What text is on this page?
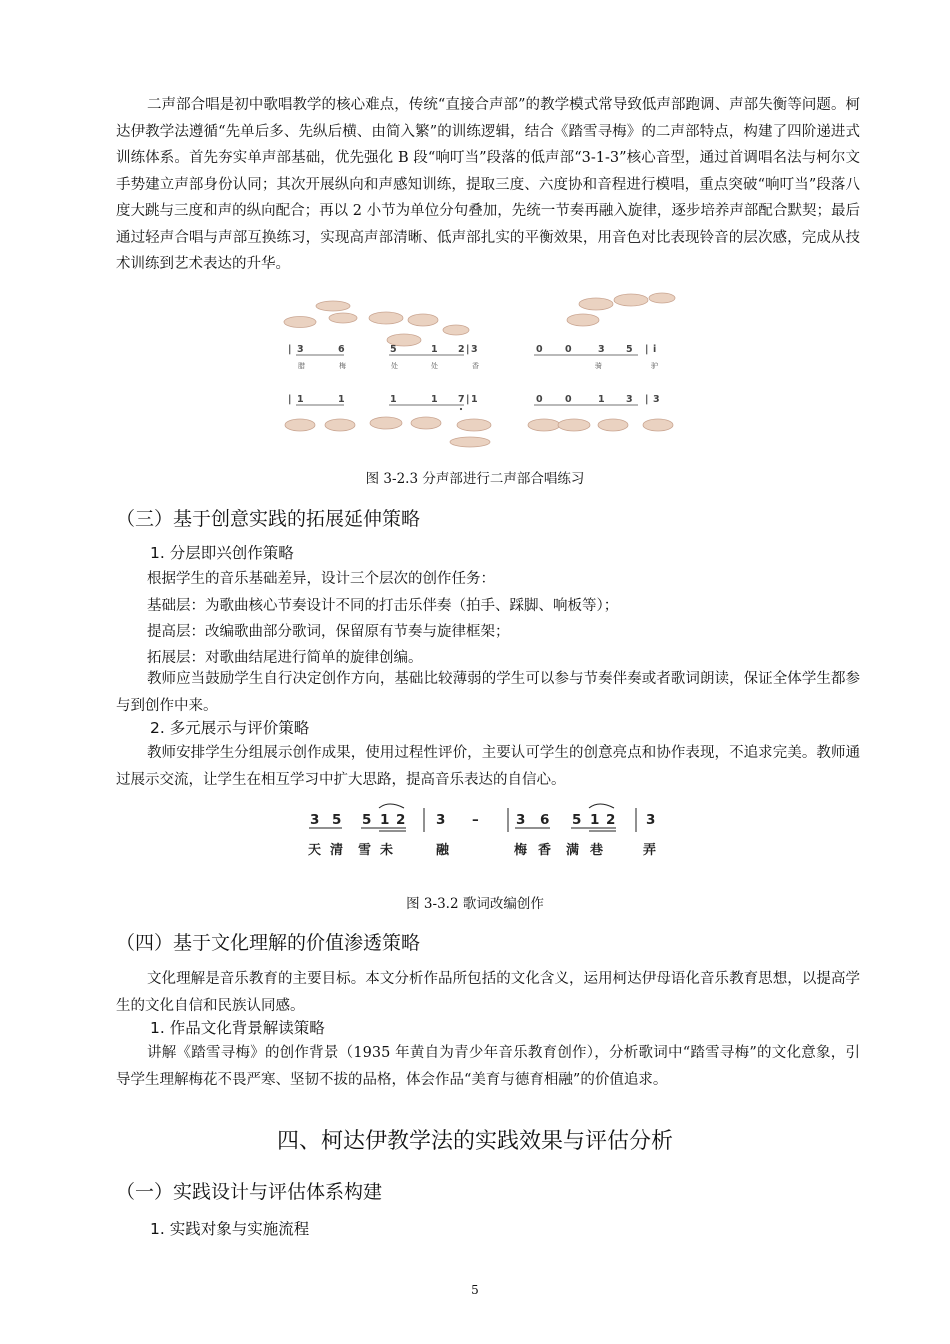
二声部合唱是初中歌唱教学的核心难点，传统“直接合声部”的教学模式常导致低声部跑调、声部失衡等问题。柯达伊教学法遵循“先单后多、先纵后横、由简入繁”的训练逻辑，结合《踏雪寻梅》的二声部特点，构建了四阶递进式训练体系。首先夯实单声部基础，优先强化 B 段“响叮当”段落的低声部“3-1-3”核心音型，通过首调唱名法与柯尔文手势建立声部身份认同；其次开展纵向和声感知训练，提取三度、六度协和音程进行模唱，重点突破“响叮当”段落八度大跳与三度和声的纵向配合；再以 2 小节为单位分句叠加，先统一节奏再融入旋律，逐步培养声部配合默契；最后通过轻声合唱与声部互换练习，实现高声部清晰、低声部扎实的平衡效果，用音色对比表现铃音的层次感，完成从技术训练到艺术表达的升华。

| 3	6	5	1 2 | 3	0 0	3 5 | i
腊	梅	处	处	香	骑	驴
| 1	1	1	1 7 | 1	0 0	1 3 | 3

图 3-2.3 分声部进行二声部合唱练习

（三）基于创意实践的拓展延伸策略

1. 分层即兴创作策略

根据学生的音乐基础差异，设计三个层次的创作任务：

基础层：为歌曲核心节奏设计不同的打击乐伴奏（拍手、踩脚、响板等）；

提高层：改编歌曲部分歌词，保留原有节奏与旋律框架；

拓展层：对歌曲结尾进行简单的旋律创编。

教师应当鼓励学生自行决定创作方向，基础比较薄弱的学生可以参与节奏伴奏或者歌词朗读，保证全体学生都参与到创作中来。

2. 多元展示与评价策略

教师安排学生分组展示创作成果，使用过程性评价，主要认可学生的创意亮点和协作表现，不追求完美。教师通过展示交流，让学生在相互学习中扩大思路，提高音乐表达的自信心。

3 5 5 1 2 3 –	3 6 5 1 2 3
天 清 雪 未	融	梅 香 满 巷	弄

图 3-3.2 歌词改编创作

（四）基于文化理解的价值渗透策略

文化理解是音乐教育的主要目标。本文分析作品所包括的文化含义，运用柯达伊母语化音乐教育思想，以提高学生的文化自信和民族认同感。

1. 作品文化背景解读策略

讲解《踏雪寻梅》的创作背景（1935 年黄自为青少年音乐教育创作），分析歌词中“踏雪寻梅”的文化意象，引导学生理解梅花不畏严寒、坚韧不拔的品格，体会作品“美育与德育相融”的价值追求。

四、柯达伊教学法的实践效果与评估分析

（一）实践设计与评估体系构建

1. 实践对象与实施流程

5
